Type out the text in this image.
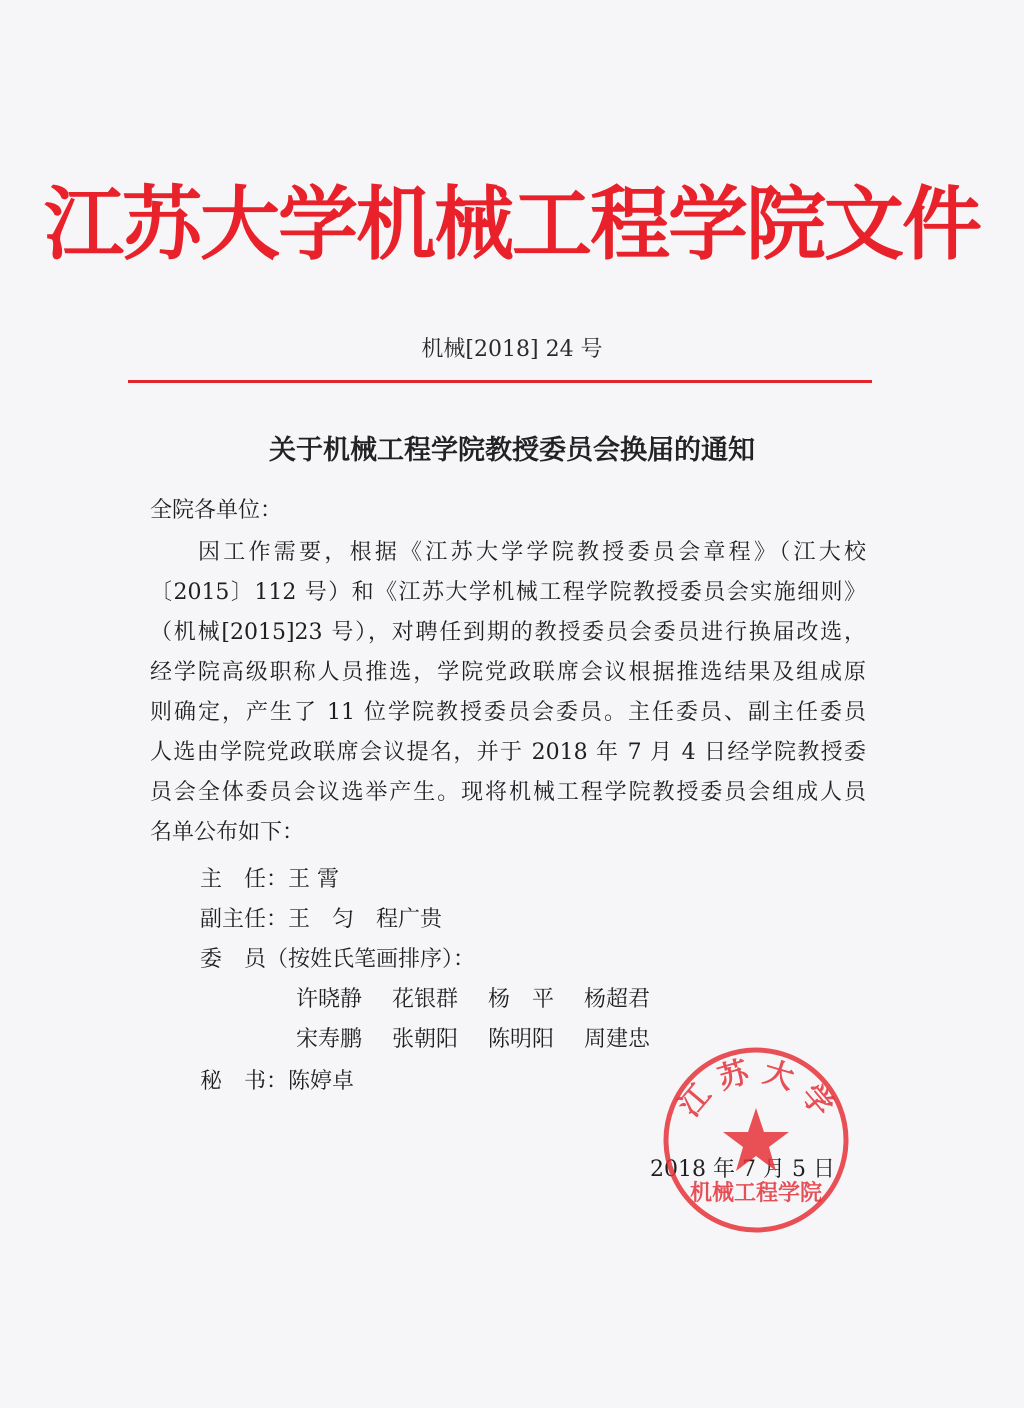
江苏大学机械工程学院文件
机械[2018] 24 号
关于机械工程学院教授委员会换届的通知
全院各单位：
因工作需要，根据《江苏大学学院教授委员会章程》（江大校
〔2015〕112 号）和《江苏大学机械工程学院教授委员会实施细则》
（机械[2015]23 号），对聘任到期的教授委员会委员进行换届改选，
经学院高级职称人员推选，学院党政联席会议根据推选结果及组成原
则确定，产生了 11 位学院教授委员会委员。主任委员、副主任委员
人选由学院党政联席会议提名，并于 2018 年 7 月 4 日经学院教授委
员会全体委员会议选举产生。现将机械工程学院教授委员会组成人员
名单公布如下：
主　任：王 霄
副主任：王　匀　程广贵
委　员（按姓氏笔画排序）：
许晓静	花银群	杨　平	杨超君
宋寿鹏	张朝阳	陈明阳	周建忠
秘　书：陈婷卓
2018 年 7 月 5 日
江 苏 大 学
机械工程学院
